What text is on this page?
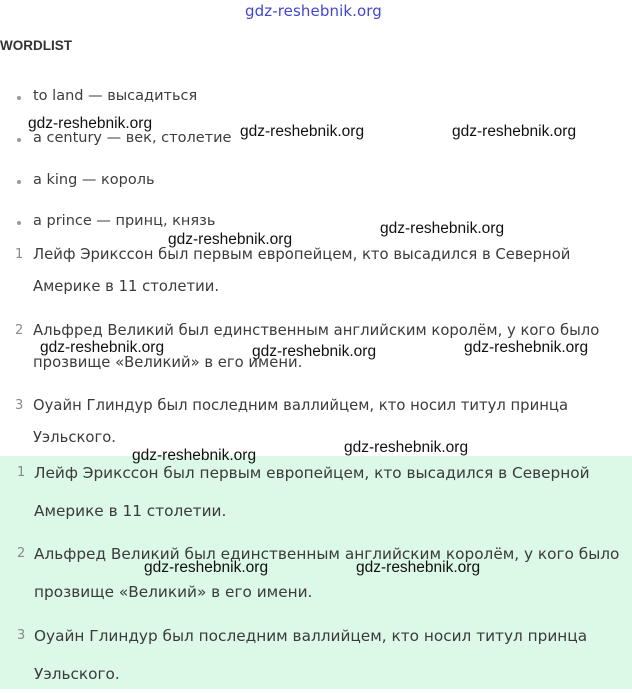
gdz-reshebnik.org
WORDLIST
to land — высадиться
a century — век, столетие
a king — король
a prince — принц, князь
1 Лейф Эрикссон был первым европейцем, кто высадился в Северной Америке в 11 столетии.
2 Альфред Великий был единственным английским королём, у кого было прозвище «Великий» в его имени.
3 Оуайн Глиндур был последним валлийцем, кто носил титул принца Уэльского.
1 Лейф Эрикссон был первым европейцем, кто высадился в Северной Америке в 11 столетии.
2 Альфред Великий был единственным английским королём, у кого было прозвище «Великий» в его имени.
3 Оуайн Глиндур был последним валлийцем, кто носил титул принца Уэльского.
gdz-reshebnik.org	gdz-reshebnik.org	gdz-reshebnik.org
gdz-reshebnik.org
gdz-reshebnik.org
gdz-reshebnik.org	gdz-reshebnik.org	gdz-reshebnik.org
gdz-reshebnik.org
gdz-reshebnik.org
gdz-reshebnik.org	gdz-reshebnik.org
